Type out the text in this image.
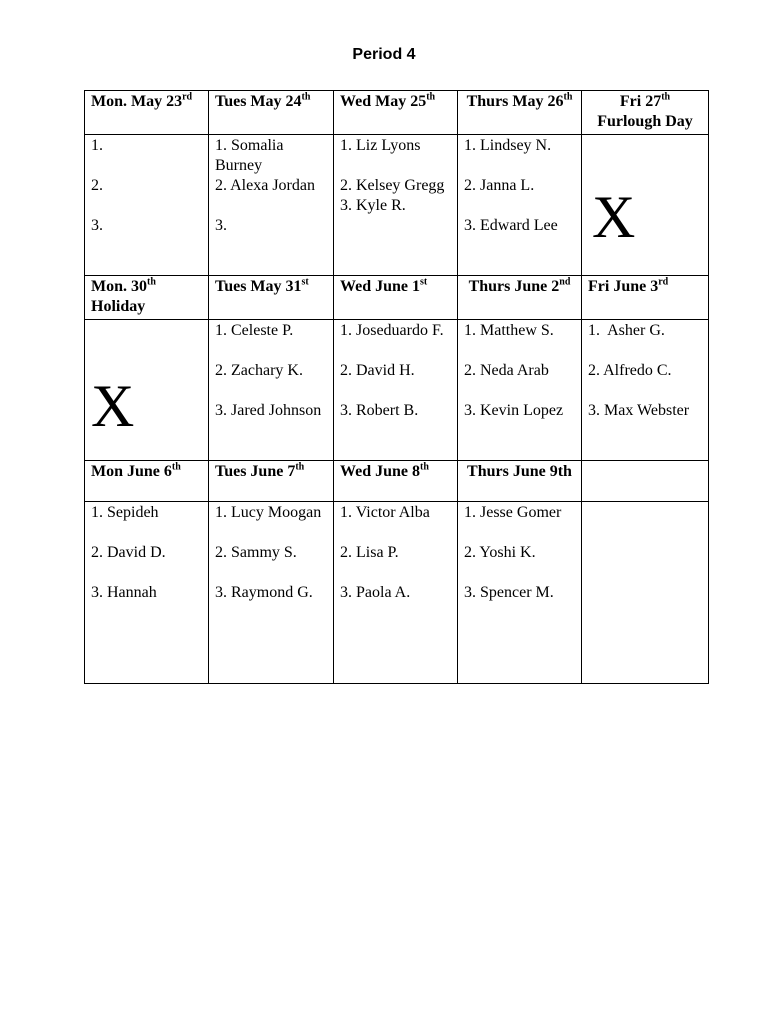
Period 4
Mon. May 23rd	Tues May 24th	Wed May 25th	Thurs May 26th	Fri 27th
Furlough Day

1.
2.
3.	1. Somalia Burney
2. Alexa Jordan
3.	1. Liz Lyons
2. Kelsey Gregg
3. Kyle R.	1. Lindsey N.
2. Janna L.
3. Edward Lee	X

Mon. 30th
Holiday	Tues May 31st	Wed June 1st	Thurs June 2nd	Fri June 3rd

X	1. Celeste P.
2. Zachary K.
3. Jared Johnson	1. Joseduardo F.
2. David H.
3. Robert B.	1. Matthew S.
2. Neda Arab
3. Kevin Lopez	1.  Asher G.
2. Alfredo C.
3. Max Webster

Mon June 6th	Tues June 7th	Wed June 8th	Thurs June 9th	

1. Sepideh
2. David D.
3. Hannah	1. Lucy Moogan
2. Sammy S.
3. Raymond G.	1. Victor Alba
2. Lisa P.
3. Paola A.	1. Jesse Gomer
2. Yoshi K.
3. Spencer M.	
